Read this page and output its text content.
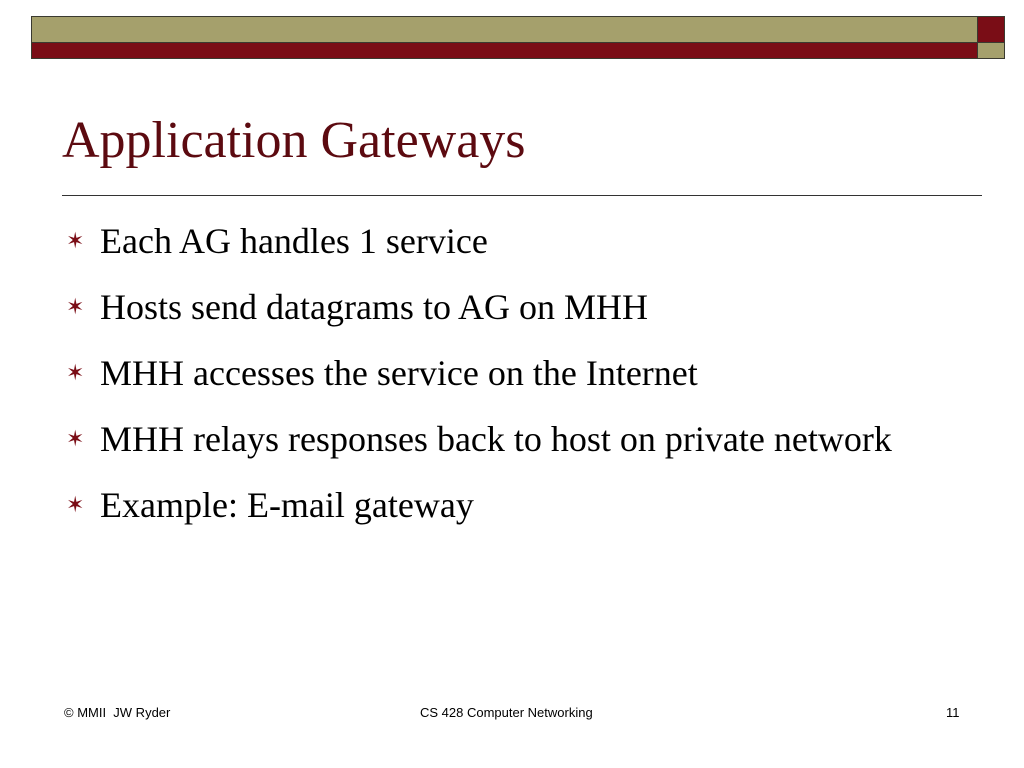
Application Gateways
✶ Each AG handles 1 service
✶ Hosts send datagrams to AG on MHH
✶ MHH accesses the service on the Internet
✶ MHH relays responses back to host on private network
✶ Example: E-mail gateway
© MMII  JW Ryder	CS 428 Computer Networking	11
